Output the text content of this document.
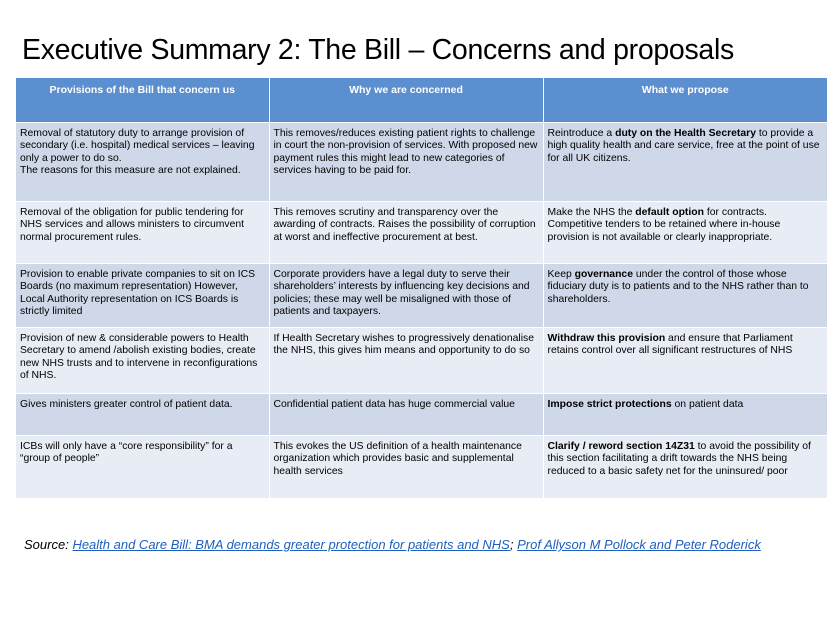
Executive Summary 2: The Bill – Concerns and proposals
Provisions of the Bill that concern us	Why we are concerned	What we propose

Removal of statutory duty to arrange provision of secondary (i.e. hospital) medical services – leaving only a power to do so.
The reasons for this measure are not explained.	This removes/reduces existing patient rights to challenge in court the non-provision of services. With proposed new payment rules this might lead to new categories of services having to be paid for.	Reintroduce a duty on the Health Secretary to provide a high quality health and care service, free at the point of use for all UK citizens.
Removal of the obligation for public tendering for NHS services and allows ministers to circumvent normal procurement rules.	This removes scrutiny and transparency over the awarding of contracts. Raises the possibility of corruption at worst and ineffective procurement at best.	Make the NHS the default option for contracts. Competitive tenders to be retained where in-house provision is not available or clearly inappropriate.
Provision to enable private companies to sit on ICS Boards (no maximum representation) However, Local Authority representation on ICS Boards is strictly limited	Corporate providers have a legal duty to serve their shareholders’ interests by influencing key decisions and policies; these may well be misaligned with those of patients and taxpayers.	Keep governance under the control of those whose fiduciary duty is to patients and to the NHS rather than to shareholders.
Provision of new & considerable powers to Health Secretary to amend /abolish existing bodies, create new NHS trusts and to intervene in reconfigurations of NHS.	If Health Secretary wishes to progressively denationalise the NHS, this gives him means and opportunity to do so	Withdraw this provision and ensure that Parliament retains control over all significant restructures of NHS
Gives ministers greater control of patient data.	Confidential patient data has huge commercial value	Impose strict protections on patient data
ICBs will only have a “core responsibility” for a “group of people”	This evokes the US definition of a health maintenance organization which provides basic and supplemental health services	Clarify / reword section 14Z31 to avoid the possibility of this section facilitating a drift towards the NHS being reduced to a basic safety net for the uninsured/ poor
Source: Health and Care Bill: BMA demands greater protection for patients and NHS; Prof Allyson M Pollock and Peter Roderick
